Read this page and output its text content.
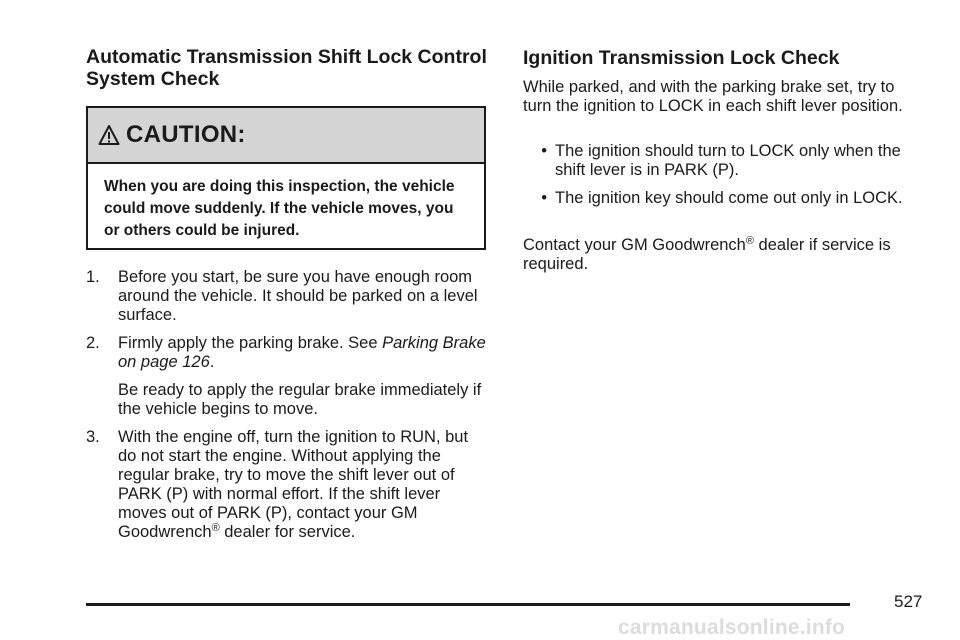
Automatic Transmission Shift Lock Control System Check
CAUTION:
When you are doing this inspection, the vehicle could move suddenly. If the vehicle moves, you or others could be injured.
1.	Before you start, be sure you have enough room around the vehicle. It should be parked on a level surface.
2.	Firmly apply the parking brake. See Parking Brake on page 126.
Be ready to apply the regular brake immediately if the vehicle begins to move.
3.	With the engine off, turn the ignition to RUN, but do not start the engine. Without applying the regular brake, try to move the shift lever out of PARK (P) with normal effort. If the shift lever moves out of PARK (P), contact your GM Goodwrench® dealer for service.
Ignition Transmission Lock Check
While parked, and with the parking brake set, try to turn the ignition to LOCK in each shift lever position.
• The ignition should turn to LOCK only when the shift lever is in PARK (P).
• The ignition key should come out only in LOCK.
Contact your GM Goodwrench® dealer if service is required.
527
carmanualsonline.info
